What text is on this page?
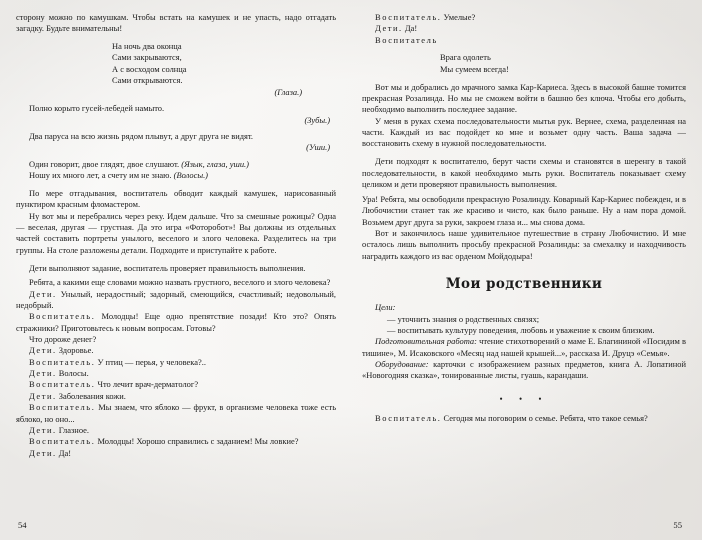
сторону можно по камушкам. Чтобы встать на камушек и не упасть, надо отгадать загадку. Будьте внимательны!

На ночь два оконца
Сами закрываются,
А с восходом солнца
Сами открываются.
(Глаза.)

Полно корыто гусей-лебедей намыто.

(Зубы.)

Два паруса на всю жизнь рядом плывут, а друг друга не видят.

(Уши.)

Один говорит, двое глядят, двое слушают. (Язык, глаза, уши.)

Ношу их много лет, а счету им не знаю. (Волосы.)

По мере отгадывания, воспитатель обводит каждый камушек, нарисованный пунктиром красным фломастером.

Ну вот мы и перебрались через реку. Идем дальше. Что за смешные рожицы? Одна — веселая, другая — грустная. Да это игра «Фоторобот»! Вы должны из отдельных частей составить портреты унылого, веселого и злого человека. Разделитесь на три группы. На столе разложены детали. Подходите и приступайте к работе.

Дети выполняют задание, воспитатель проверяет правильность выполнения.

Ребята, а какими еще словами можно назвать грустного, веселого и злого человека?

Дети. Унылый, нерадостный; задорный, смеющийся, счастливый; недовольный, недобрый.

Воспитатель. Молодцы! Еще одно препятствие позади! Кто это? Опять стражники? Приготовьтесь к новым вопросам. Готовы?

Что дороже денег?

Дети. Здоровье.

Воспитатель. У птиц — перья, у человека?..

Дети. Волосы.

Воспитатель. Что лечит врач-дерматолог?

Дети. Заболевания кожи.

Воспитатель. Мы знаем, что яблоко — фрукт, в организме человека тоже есть яблоко, но оно...

Дети. Глазное.

Воспитатель. Молодцы! Хорошо справились с заданием! Мы ловкие?

Дети. Да!

54

Воспитатель. Умелые?

Дети. Да!

Воспитатель

Врага одолеть
Мы сумеем всегда!

Вот мы и добрались до мрачного замка Кар-Кариеса. Здесь в высокой башне томится прекрасная Розалинда. Но мы не сможем войти в башню без ключа. Чтобы его добыть, необходимо выполнить последнее задание.

У меня в руках схема последовательности мытья рук. Вернее, схема, разделенная на части. Каждый из вас подойдет ко мне и возьмет одну часть. Ваша задача — восстановить схему в нужной последовательности.

Дети подходят к воспитателю, берут части схемы и становятся в шеренгу в такой последовательности, в какой необходимо мыть руки. Воспитатель показывает схему целиком и дети проверяют правильность выполнения.

Ура! Ребята, мы освободили прекрасную Розалинду. Коварный Кар-Кариес побежден, и в Любочистии станет так же красиво и чисто, как было раньше. Ну а нам пора домой. Возьмем друг друга за руки, закроем глаза и... мы снова дома.

Вот и закончилось наше удивительное путешествие в страну Любочистию. И мне осталось лишь выполнить просьбу прекрасной Розалинды: за смехалку и находчивость наградить каждого из вас орденом Мойдодыра!

Мои родственники

Цели:

— уточнить знания о родственных связях;
— воспитывать культуру поведения, любовь и уважение к своим близким.

Подготовительная работа: чтение стихотворений о маме Е. Благининой «Посидим в тишине», М. Исаковского «Месяц над нашей крышей...», рассказа И. Друцэ «Семья».

Оборудование: карточки с изображением разных предметов, книга А. Лопатиной «Новогодняя сказка», тонированные листы, гуашь, карандаши.

• • •

Воспитатель. Сегодня мы поговорим о семье. Ребята, что такое семья?

55
